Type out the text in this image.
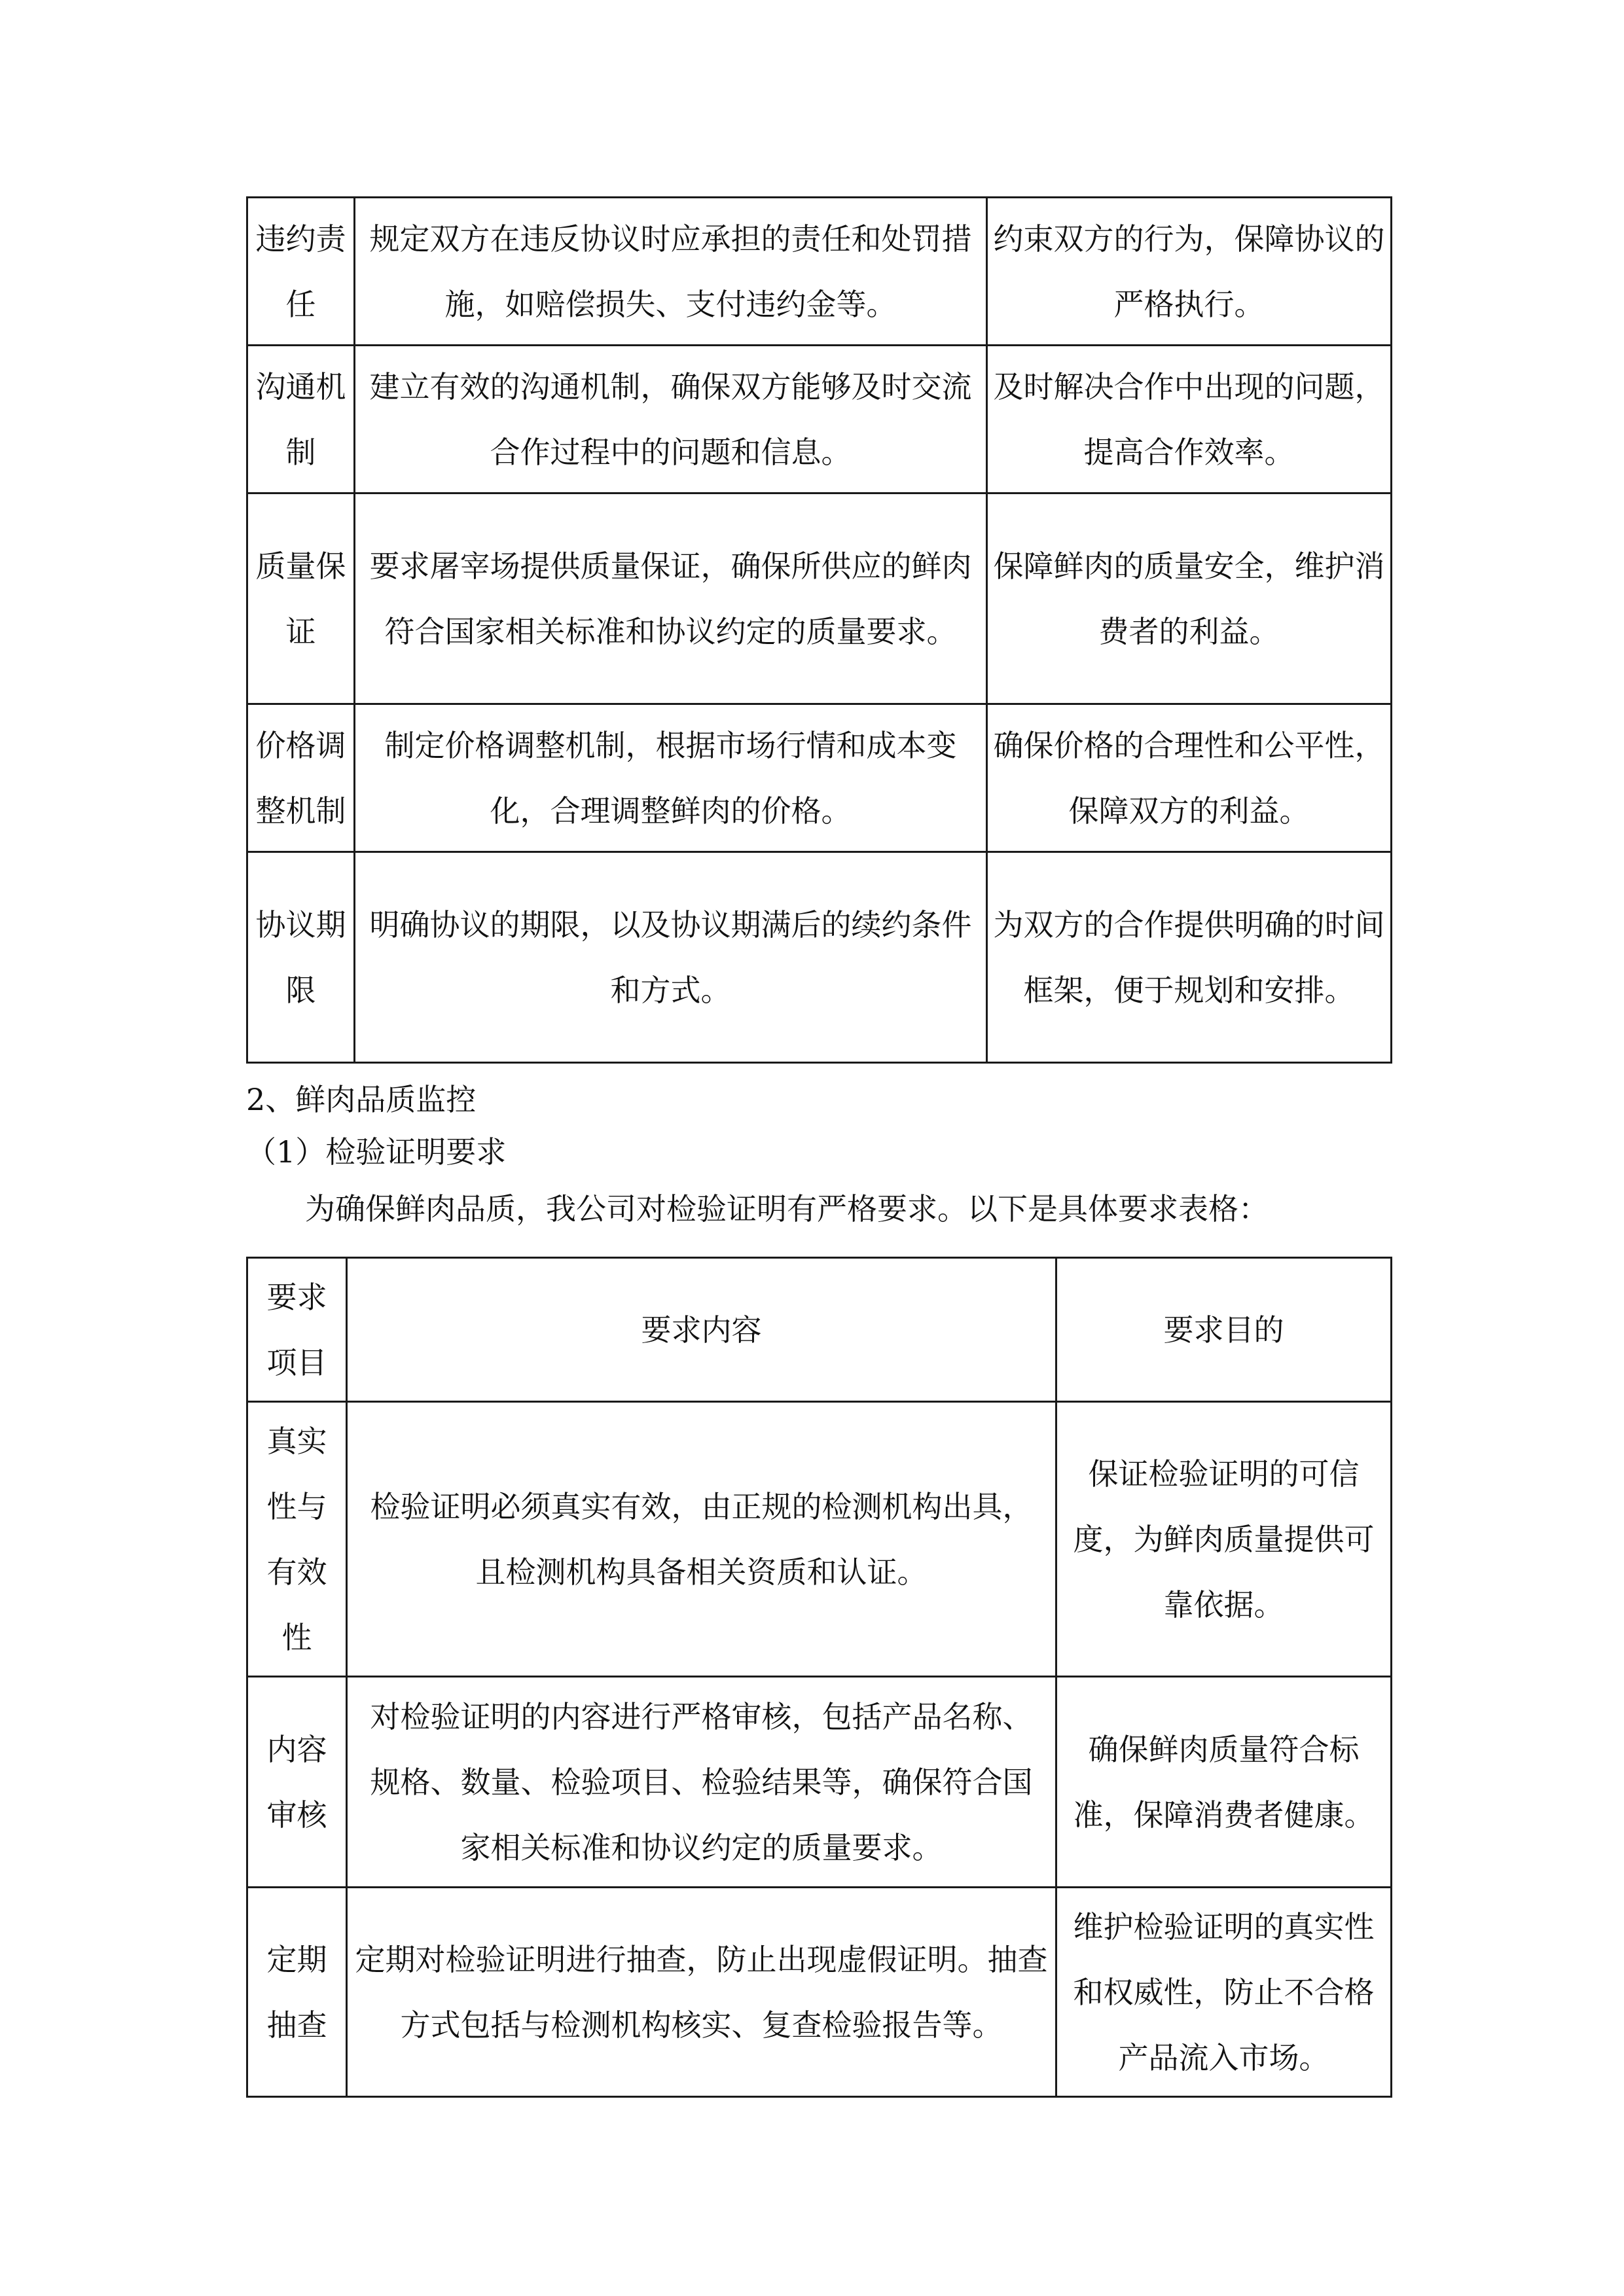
违约责任	规定双方在违反协议时应承担的责任和处罚措施，如赔偿损失、支付违约金等。	约束双方的行为，保障协议的严格执行。
沟通机制	建立有效的沟通机制，确保双方能够及时交流合作过程中的问题和信息。	及时解决合作中出现的问题，提高合作效率。
质量保证	要求屠宰场提供质量保证，确保所供应的鲜肉符合国家相关标准和协议约定的质量要求。	保障鲜肉的质量安全，维护消费者的利益。
价格调整机制	制定价格调整机制，根据市场行情和成本变化，合理调整鲜肉的价格。	确保价格的合理性和公平性，保障双方的利益。
协议期限	明确协议的期限，以及协议期满后的续约条件和方式。	为双方的合作提供明确的时间框架，便于规划和安排。
2、鲜肉品质监控
（1）检验证明要求
为确保鲜肉品质，我公司对检验证明有严格要求。以下是具体要求表格：
要求项目	要求内容	要求目的
真实性与有效性	检验证明必须真实有效，由正规的检测机构出具，且检测机构具备相关资质和认证。	保证检验证明的可信度，为鲜肉质量提供可靠依据。
内容审核	对检验证明的内容进行严格审核，包括产品名称、规格、数量、检验项目、检验结果等，确保符合国家相关标准和协议约定的质量要求。	确保鲜肉质量符合标准，保障消费者健康。
定期抽查	定期对检验证明进行抽查，防止出现虚假证明。抽查方式包括与检测机构核实、复查检验报告等。	维护检验证明的真实性和权威性，防止不合格产品流入市场。
